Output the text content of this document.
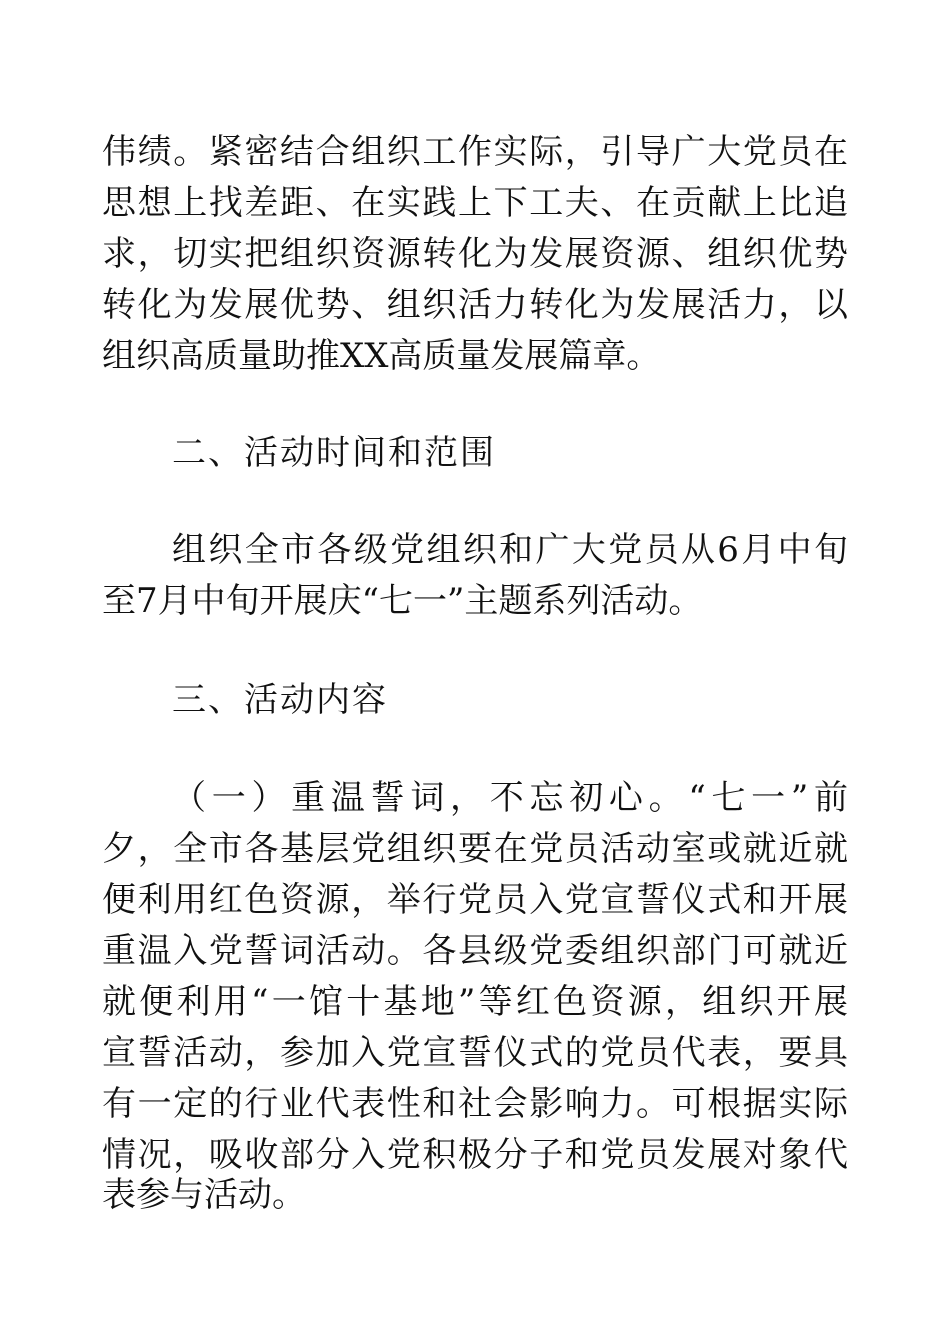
伟绩。紧密结合组织工作实际，引导广大党员在
思想上找差距、在实践上下工夫、在贡献上比追
求，切实把组织资源转化为发展资源、组织优势
转化为发展优势、组织活力转化为发展活力，以
组织高质量助推XX高质量发展篇章。
二、活动时间和范围
组织全市各级党组织和广大党员从6月中旬
至7月中旬开展庆“七一”主题系列活动。
三、活动内容
（一）重温誓词，不忘初心。“七一”前
夕，全市各基层党组织要在党员活动室或就近就
便利用红色资源，举行党员入党宣誓仪式和开展
重温入党誓词活动。各县级党委组织部门可就近
就便利用“一馆十基地”等红色资源，组织开展
宣誓活动，参加入党宣誓仪式的党员代表，要具
有一定的行业代表性和社会影响力。可根据实际
情况，吸收部分入党积极分子和党员发展对象代
表参与活动。
